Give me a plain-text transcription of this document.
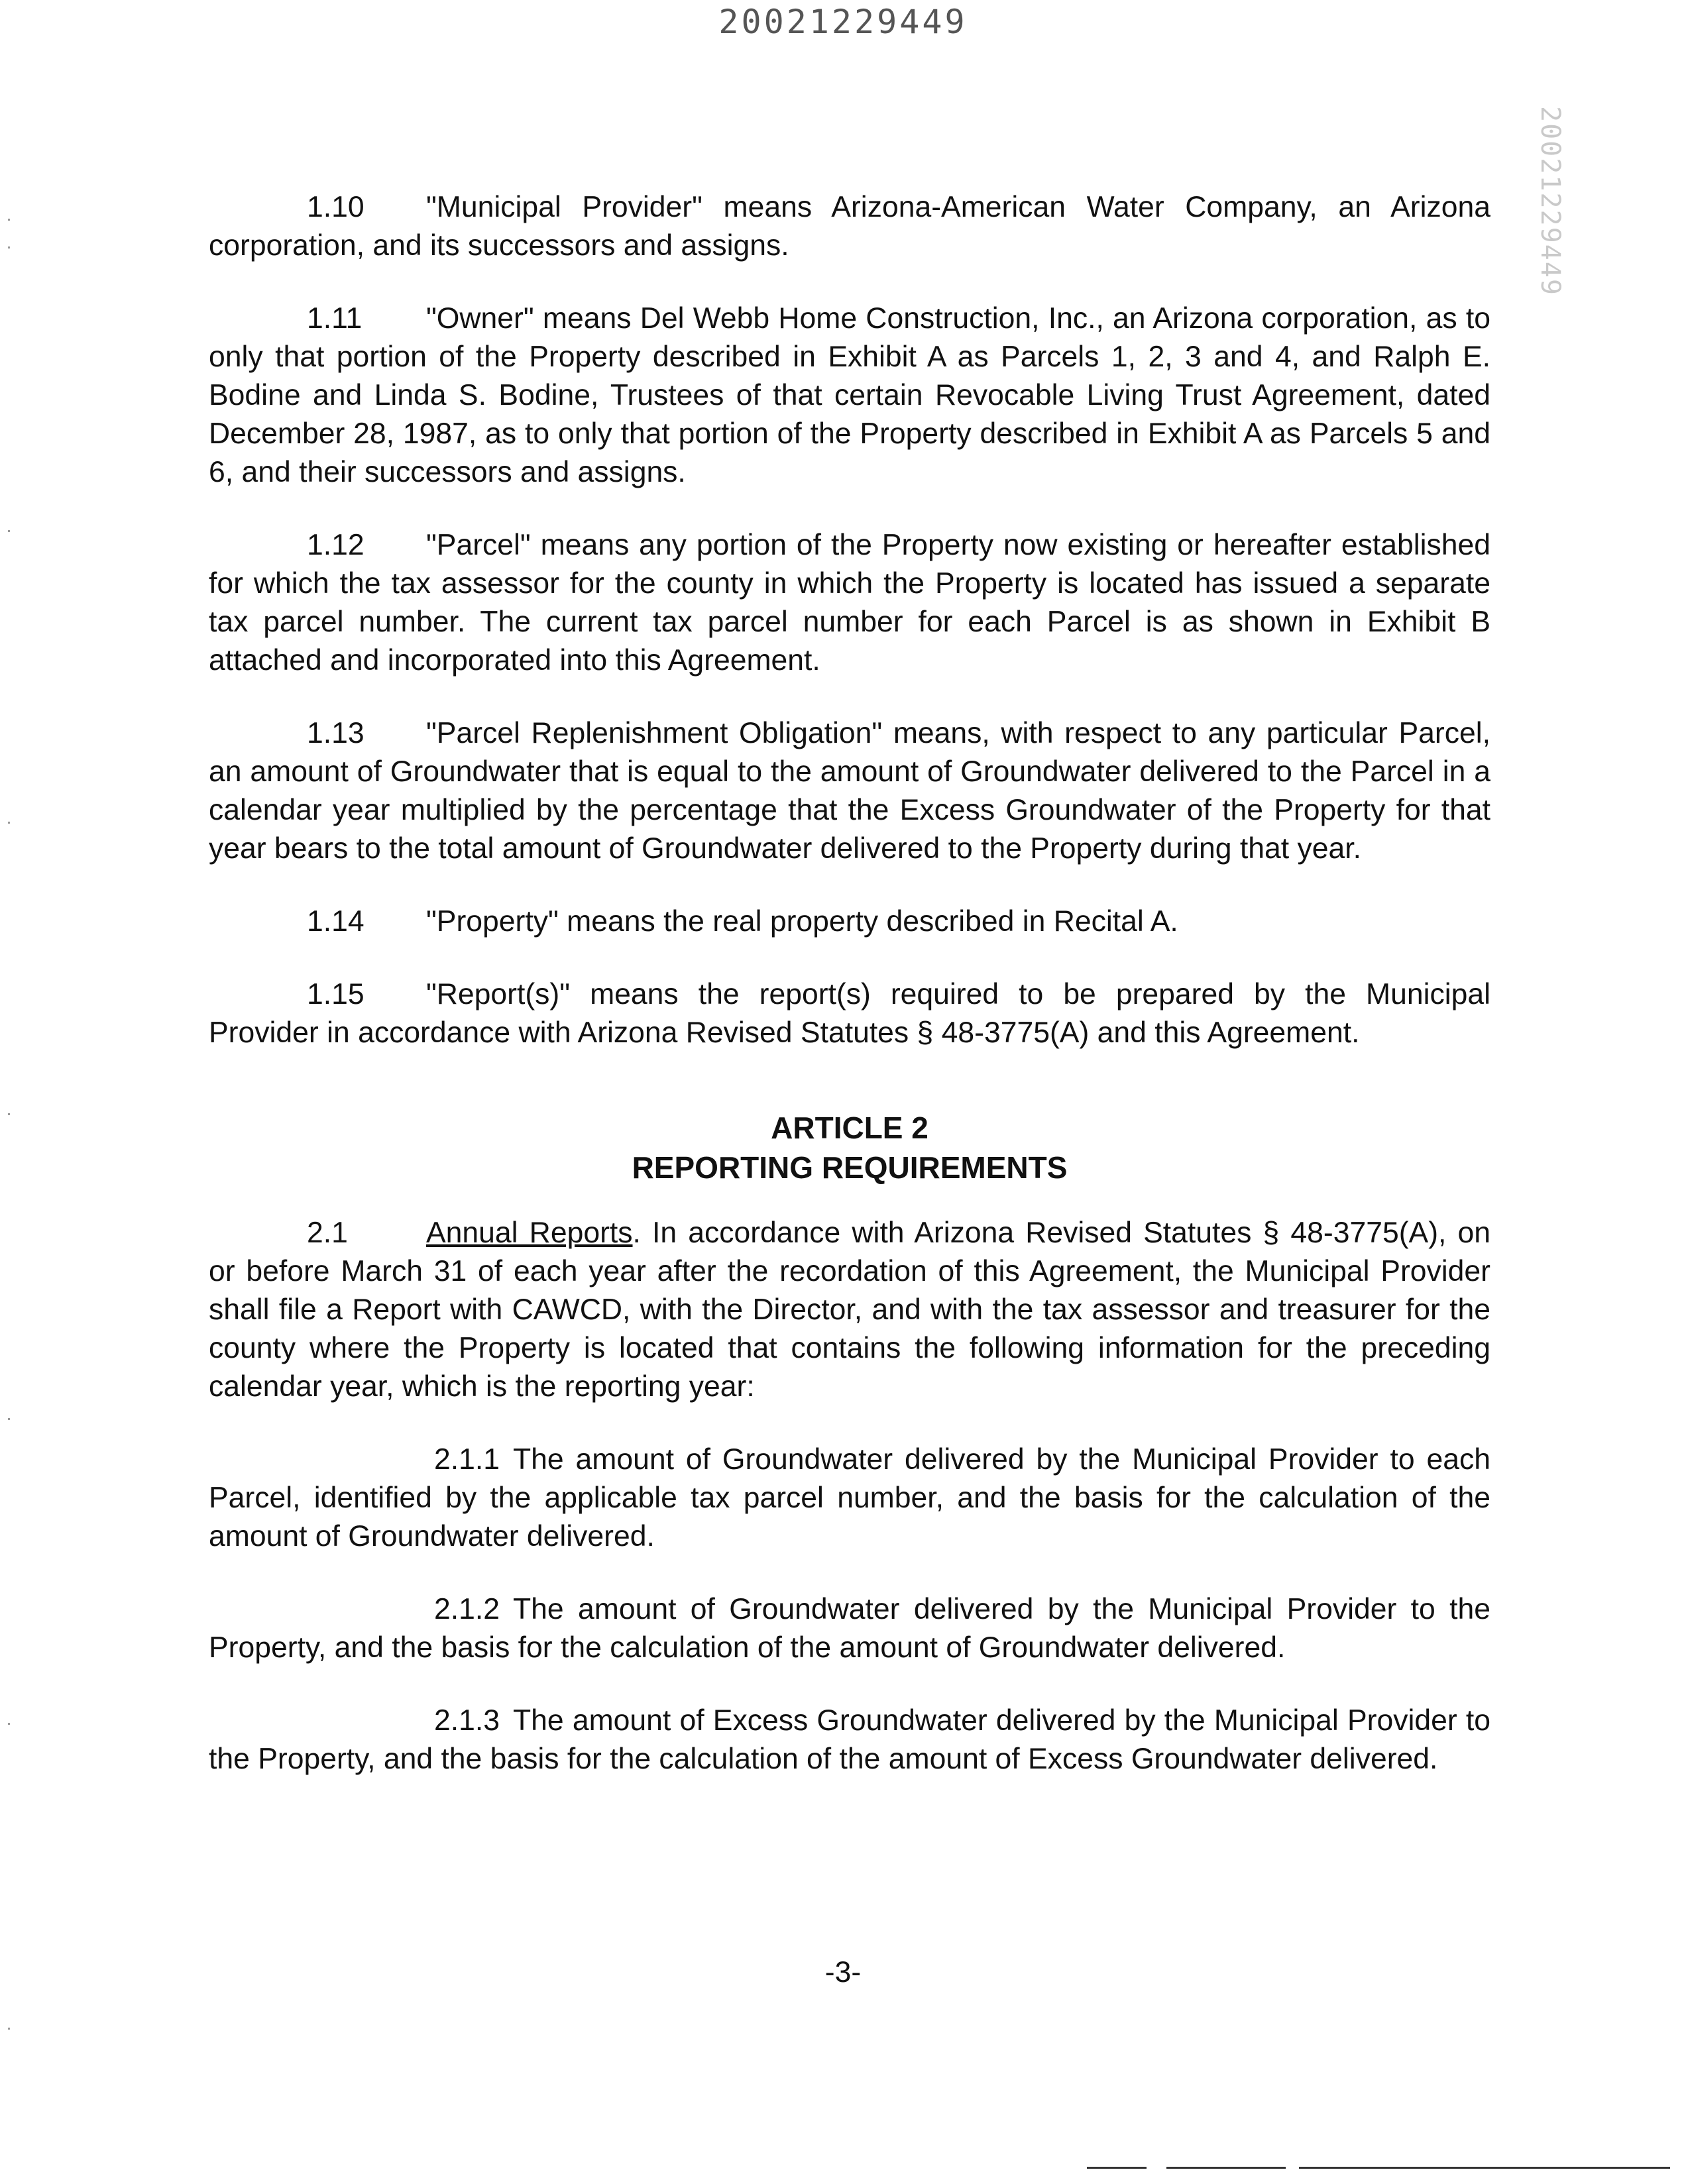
20021229449
20021229449

1.10 "Municipal Provider" means Arizona-American Water Company, an Arizona corporation, and its successors and assigns.

1.11 "Owner" means Del Webb Home Construction, Inc., an Arizona corporation, as to only that portion of the Property described in Exhibit A as Parcels 1, 2, 3 and 4, and Ralph E. Bodine and Linda S. Bodine, Trustees of that certain Revocable Living Trust Agreement, dated December 28, 1987, as to only that portion of the Property described in Exhibit A as Parcels 5 and 6, and their successors and assigns.

1.12 "Parcel" means any portion of the Property now existing or hereafter established for which the tax assessor for the county in which the Property is located has issued a separate tax parcel number. The current tax parcel number for each Parcel is as shown in Exhibit B attached and incorporated into this Agreement.

1.13 "Parcel Replenishment Obligation" means, with respect to any particular Parcel, an amount of Groundwater that is equal to the amount of Groundwater delivered to the Parcel in a calendar year multiplied by the percentage that the Excess Groundwater of the Property for that year bears to the total amount of Groundwater delivered to the Property during that year.

1.14 "Property" means the real property described in Recital A.

1.15 "Report(s)" means the report(s) required to be prepared by the Municipal Provider in accordance with Arizona Revised Statutes § 48-3775(A) and this Agreement.

ARTICLE 2
REPORTING REQUIREMENTS

2.1	Annual Reports. In accordance with Arizona Revised Statutes § 48-3775(A), on or before March 31 of each year after the recordation of this Agreement, the Municipal Provider shall file a Report with CAWCD, with the Director, and with the tax assessor and treasurer for the county where the Property is located that contains the following information for the preceding calendar year, which is the reporting year:

2.1.1 The amount of Groundwater delivered by the Municipal Provider to each Parcel, identified by the applicable tax parcel number, and the basis for the calculation of the amount of Groundwater delivered.

2.1.2 The amount of Groundwater delivered by the Municipal Provider to the Property, and the basis for the calculation of the amount of Groundwater delivered.

2.1.3 The amount of Excess Groundwater delivered by the Municipal Provider to the Property, and the basis for the calculation of the amount of Excess Groundwater delivered.

-3-
